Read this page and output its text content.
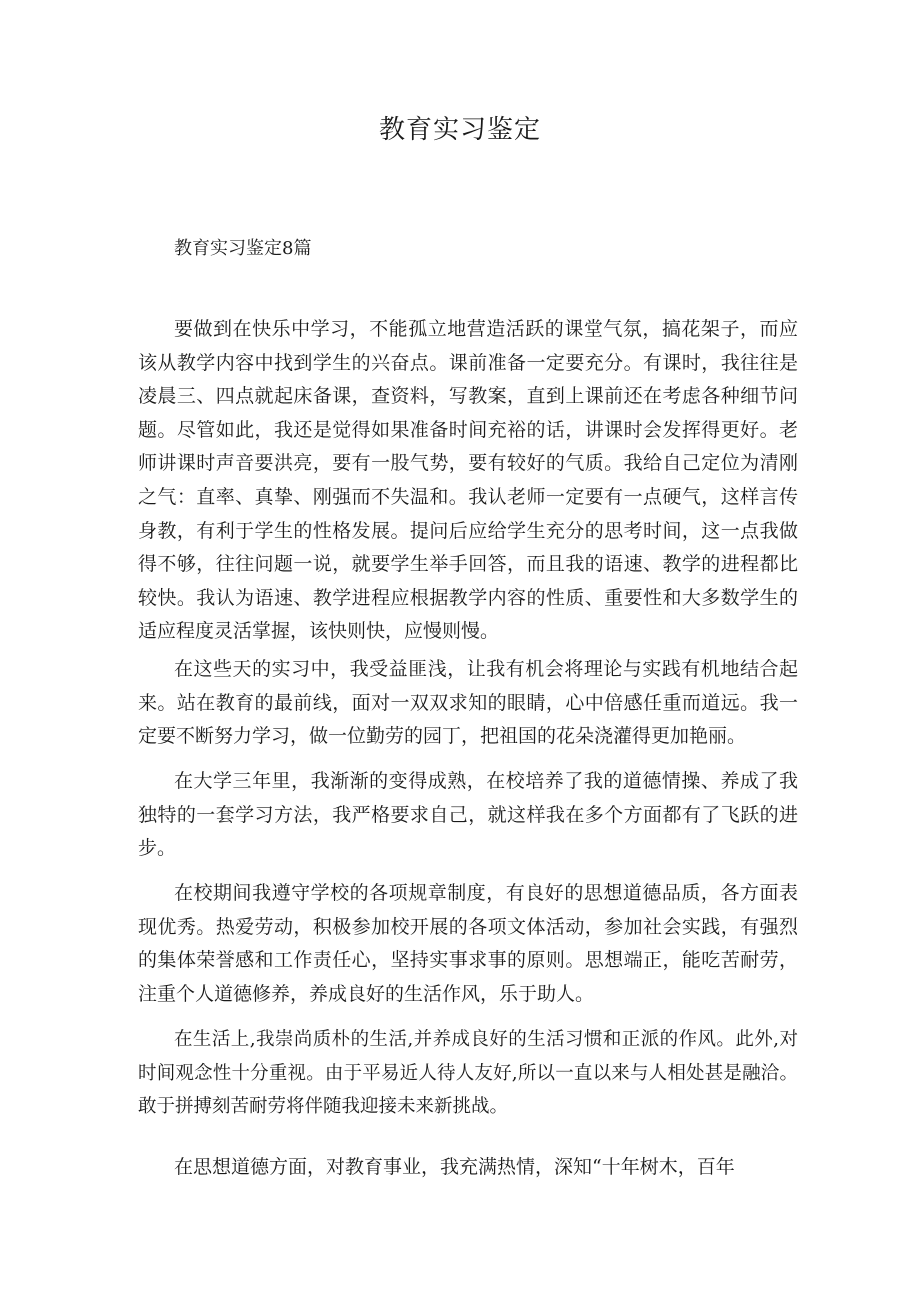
教育实习鉴定

教育实习鉴定8篇

要做到在快乐中学习，不能孤立地营造活跃的课堂气氛，搞花架子，而应该从教学内容中找到学生的兴奋点。课前准备一定要充分。有课时，我往往是凌晨三、四点就起床备课，查资料，写教案，直到上课前还在考虑各种细节问题。尽管如此，我还是觉得如果准备时间充裕的话，讲课时会发挥得更好。老师讲课时声音要洪亮，要有一股气势，要有较好的气质。我给自己定位为清刚之气：直率、真挚、刚强而不失温和。我认老师一定要有一点硬气，这样言传身教，有利于学生的性格发展。提问后应给学生充分的思考时间，这一点我做得不够，往往问题一说，就要学生举手回答，而且我的语速、教学的进程都比较快。我认为语速、教学进程应根据教学内容的性质、重要性和大多数学生的适应程度灵活掌握，该快则快，应慢则慢。

在这些天的实习中，我受益匪浅，让我有机会将理论与实践有机地结合起来。站在教育的最前线，面对一双双求知的眼睛，心中倍感任重而道远。我一定要不断努力学习，做一位勤劳的园丁，把祖国的花朵浇灌得更加艳丽。

在大学三年里，我渐渐的变得成熟，在校培养了我的道德情操、养成了我独特的一套学习方法，我严格要求自己，就这样我在多个方面都有了飞跃的进步。

在校期间我遵守学校的各项规章制度，有良好的思想道德品质，各方面表现优秀。热爱劳动，积极参加校开展的各项文体活动，参加社会实践，有强烈的集体荣誉感和工作责任心，坚持实事求事的原则。思想端正，能吃苦耐劳，注重个人道德修养，养成良好的生活作风，乐于助人。

在生活上,我崇尚质朴的生活,并养成良好的生活习惯和正派的作风。此外,对时间观念性十分重视。由于平易近人待人友好,所以一直以来与人相处甚是融洽。敢于拼搏刻苦耐劳将伴随我迎接未来新挑战。

在思想道德方面，对教育事业，我充满热情，深知“十年树木，百年
